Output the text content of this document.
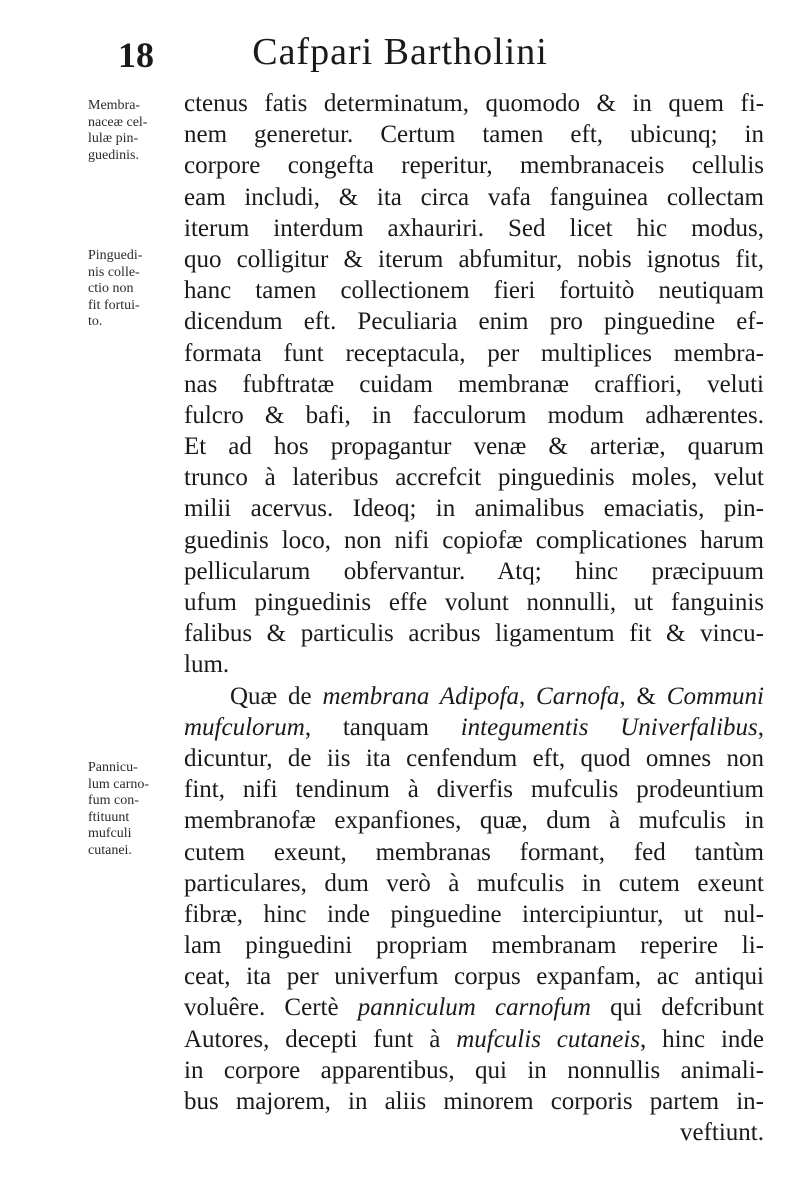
18	Cafpari Bartholini
Membra-
naceæ cel-
lulæ pin-
guedinis.
Pinguedi-
nis colle-
ctio non
fit fortui-
to.
Pannicu-
lum carno-
fum con-
ftituunt
mufculi
cutanei.
ctenus fatis determinatum, quomodo & in quem fi-
nem generetur. Certum tamen eft, ubicunq; in
corpore congefta reperitur, membranaceis cellulis
eam includi, & ita circa vafa fanguinea collectam
iterum interdum axhauriri. Sed licet hic modus,
quo colligitur & iterum abfumitur, nobis ignotus fit,
hanc tamen collectionem fieri fortuitò neutiquam
dicendum eft. Peculiaria enim pro pinguedine ef-
formata funt receptacula, per multiplices membra-
nas fubftratæ cuidam membranæ craffiori, veluti
fulcro & bafi, in facculorum modum adhærentes.
Et ad hos propagantur venæ & arteriæ, quarum
trunco à lateribus accrefcit pinguedinis moles, velut
milii acervus. Ideoq; in animalibus emaciatis, pin-
guedinis loco, non nifi copiofæ complicationes harum
pellicularum obfervantur. Atq; hinc præcipuum
ufum pinguedinis effe volunt nonnulli, ut fanguinis
falibus & particulis acribus ligamentum fit & vincu-
lum.
Quæ de membrana Adipofa, Carnofa, & Communi
mufculorum, tanquam integumentis Univerfalibus,
dicuntur, de iis ita cenfendum eft, quod omnes non
fint, nifi tendinum à diverfis mufculis prodeuntium
membranofæ expanfiones, quæ, dum à mufculis in
cutem exeunt, membranas formant, fed tantùm
particulares, dum verò à mufculis in cutem exeunt
fibræ, hinc inde pinguedine intercipiuntur, ut nul-
lam pinguedini propriam membranam reperire li-
ceat, ita per univerfum corpus expanfam, ac antiqui
voluêre. Certè panniculum carnofum qui defcribunt
Autores, decepti funt à mufculis cutaneis, hinc inde
in corpore apparentibus, qui in nonnullis animali-
bus majorem, in aliis minorem corporis partem in-
veftiunt.
